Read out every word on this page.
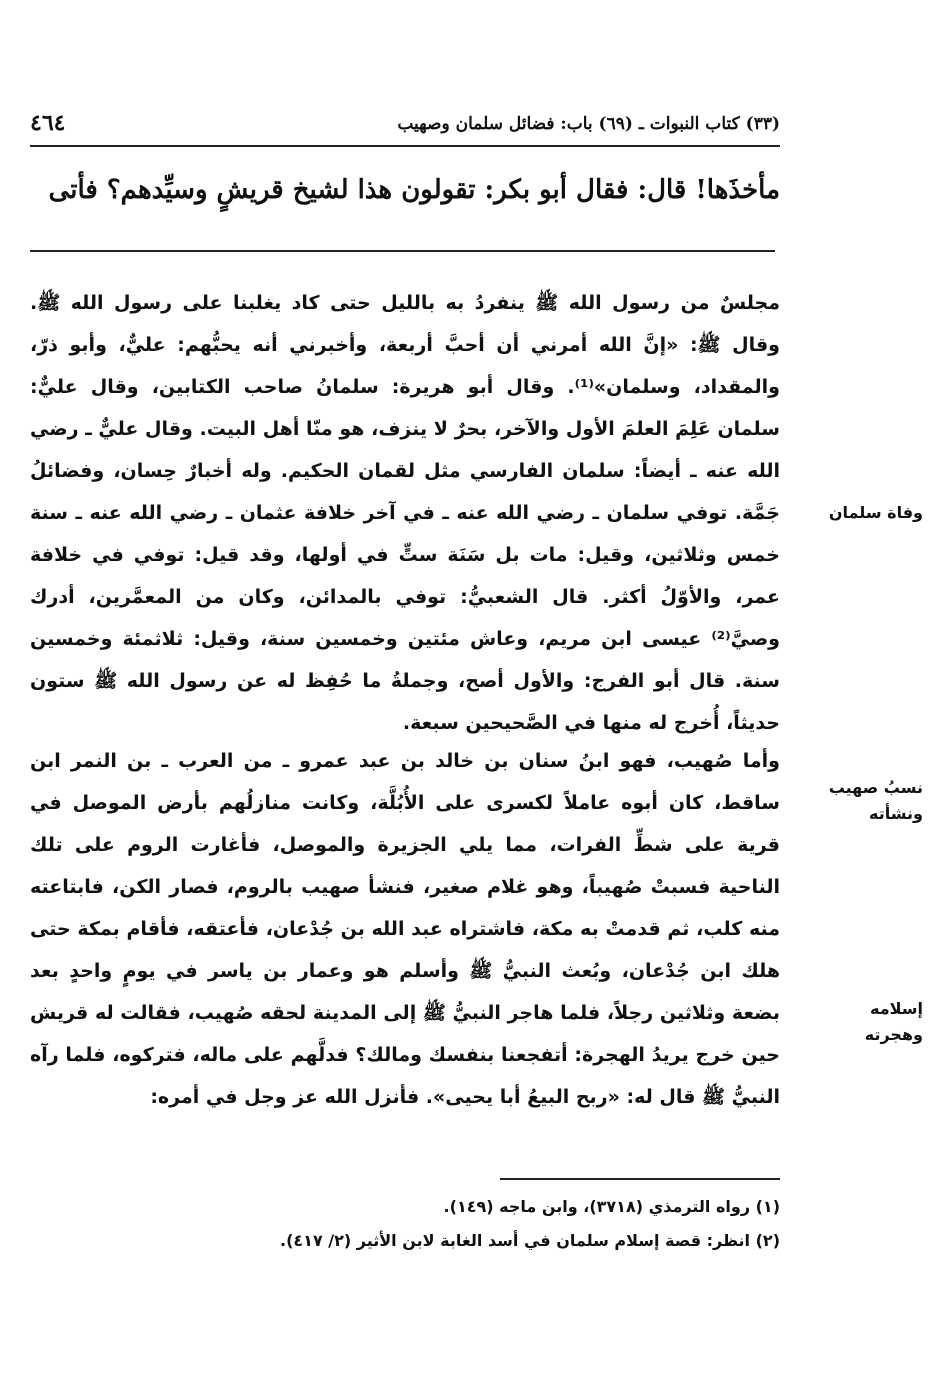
٤٦٤	(٣٣) كتاب النبوات ـ (٦٩) باب: فضائل سلمان وصهيب
مأخذَها! قال: فقال أبو بكر: تقولون هذا لشيخ قريشٍ وسيِّدهم؟ فأتى

مجلسٌ من رسول الله ﷺ ينفردُ به بالليل حتى كاد يغلبنا على رسول الله ﷺ. وقال ﷺ: «إنَّ الله أمرني أن أحبَّ أربعة، وأخبرني أنه يحبُّهم: عليٌّ، وأبو ذرّ، والمقداد، وسلمان»⁽¹⁾. وقال أبو هريرة: سلمانُ صاحب الكتابين، وقال عليٌّ: سلمان عَلِمَ العلمَ الأول والآخر، بحرٌ لا ينزف، هو منّا أهل البيت. وقال عليٌّ ـ رضي الله عنه ـ أيضاً: سلمان الفارسي مثل لقمان الحكيم. وله أخبارٌ حِسان، وفضائلُ جَمَّة. توفي سلمان ـ رضي الله عنه ـ في آخر خلافة عثمان ـ رضي الله عنه ـ سنة خمس وثلاثين، وقيل: مات بل سَنَة ستٍّ في أولها، وقد قيل: توفي في خلافة عمر، والأوّلُ أكثر. قال الشعبيُّ: توفي بالمدائن، وكان من المعمَّرين، أدرك وصيَّ⁽²⁾ عيسى ابن مريم، وعاش مئتين وخمسين سنة، وقيل: ثلاثمئة وخمسين سنة. قال أبو الفرج: والأول أصح، وجملةُ ما حُفِظ له عن رسول الله ﷺ ستون حديثاً، أُخرج له منها في الصَّحيحين سبعة.

وأما صُهيب، فهو ابنُ سنان بن خالد بن عبد عمرو ـ من العرب ـ بن النمر ابن ساقط، كان أبوه عاملاً لكسرى على الأُبُلَّة، وكانت منازلُهم بأرض الموصل في قرية على شطِّ الفرات، مما يلي الجزيرة والموصل، فأغارت الروم على تلك الناحية فسبتْ صُهيباً، وهو غلام صغير، فنشأ صهيب بالروم، فصار الكن، فابتاعته منه كلب، ثم قدمتْ به مكة، فاشتراه عبد الله بن جُدْعان، فأعتقه، فأقام بمكة حتى هلك ابن جُدْعان، وبُعث النبيُّ ﷺ وأسلم هو وعمار بن ياسر في يومٍ واحدٍ بعد بضعة وثلاثين رجلاً، فلما هاجر النبيُّ ﷺ إلى المدينة لحقه صُهيب، فقالت له قريش حين خرج يريدُ الهجرة: أتفجعنا بنفسك ومالك؟ فدلَّهم على ماله، فتركوه، فلما رآه النبيُّ ﷺ قال له: «ربح البيعُ أبا يحيى». فأنزل الله عز وجل في أمره:

وفاة سلمان
نسبُ صهيب ونشأته
إسلامه وهجرته
(١) رواه الترمذي (٣٧١٨)، وابن ماجه (١٤٩).
(٢) انظر: قصة إسلام سلمان في أسد الغابة لابن الأثير (٢/ ٤١٧).
